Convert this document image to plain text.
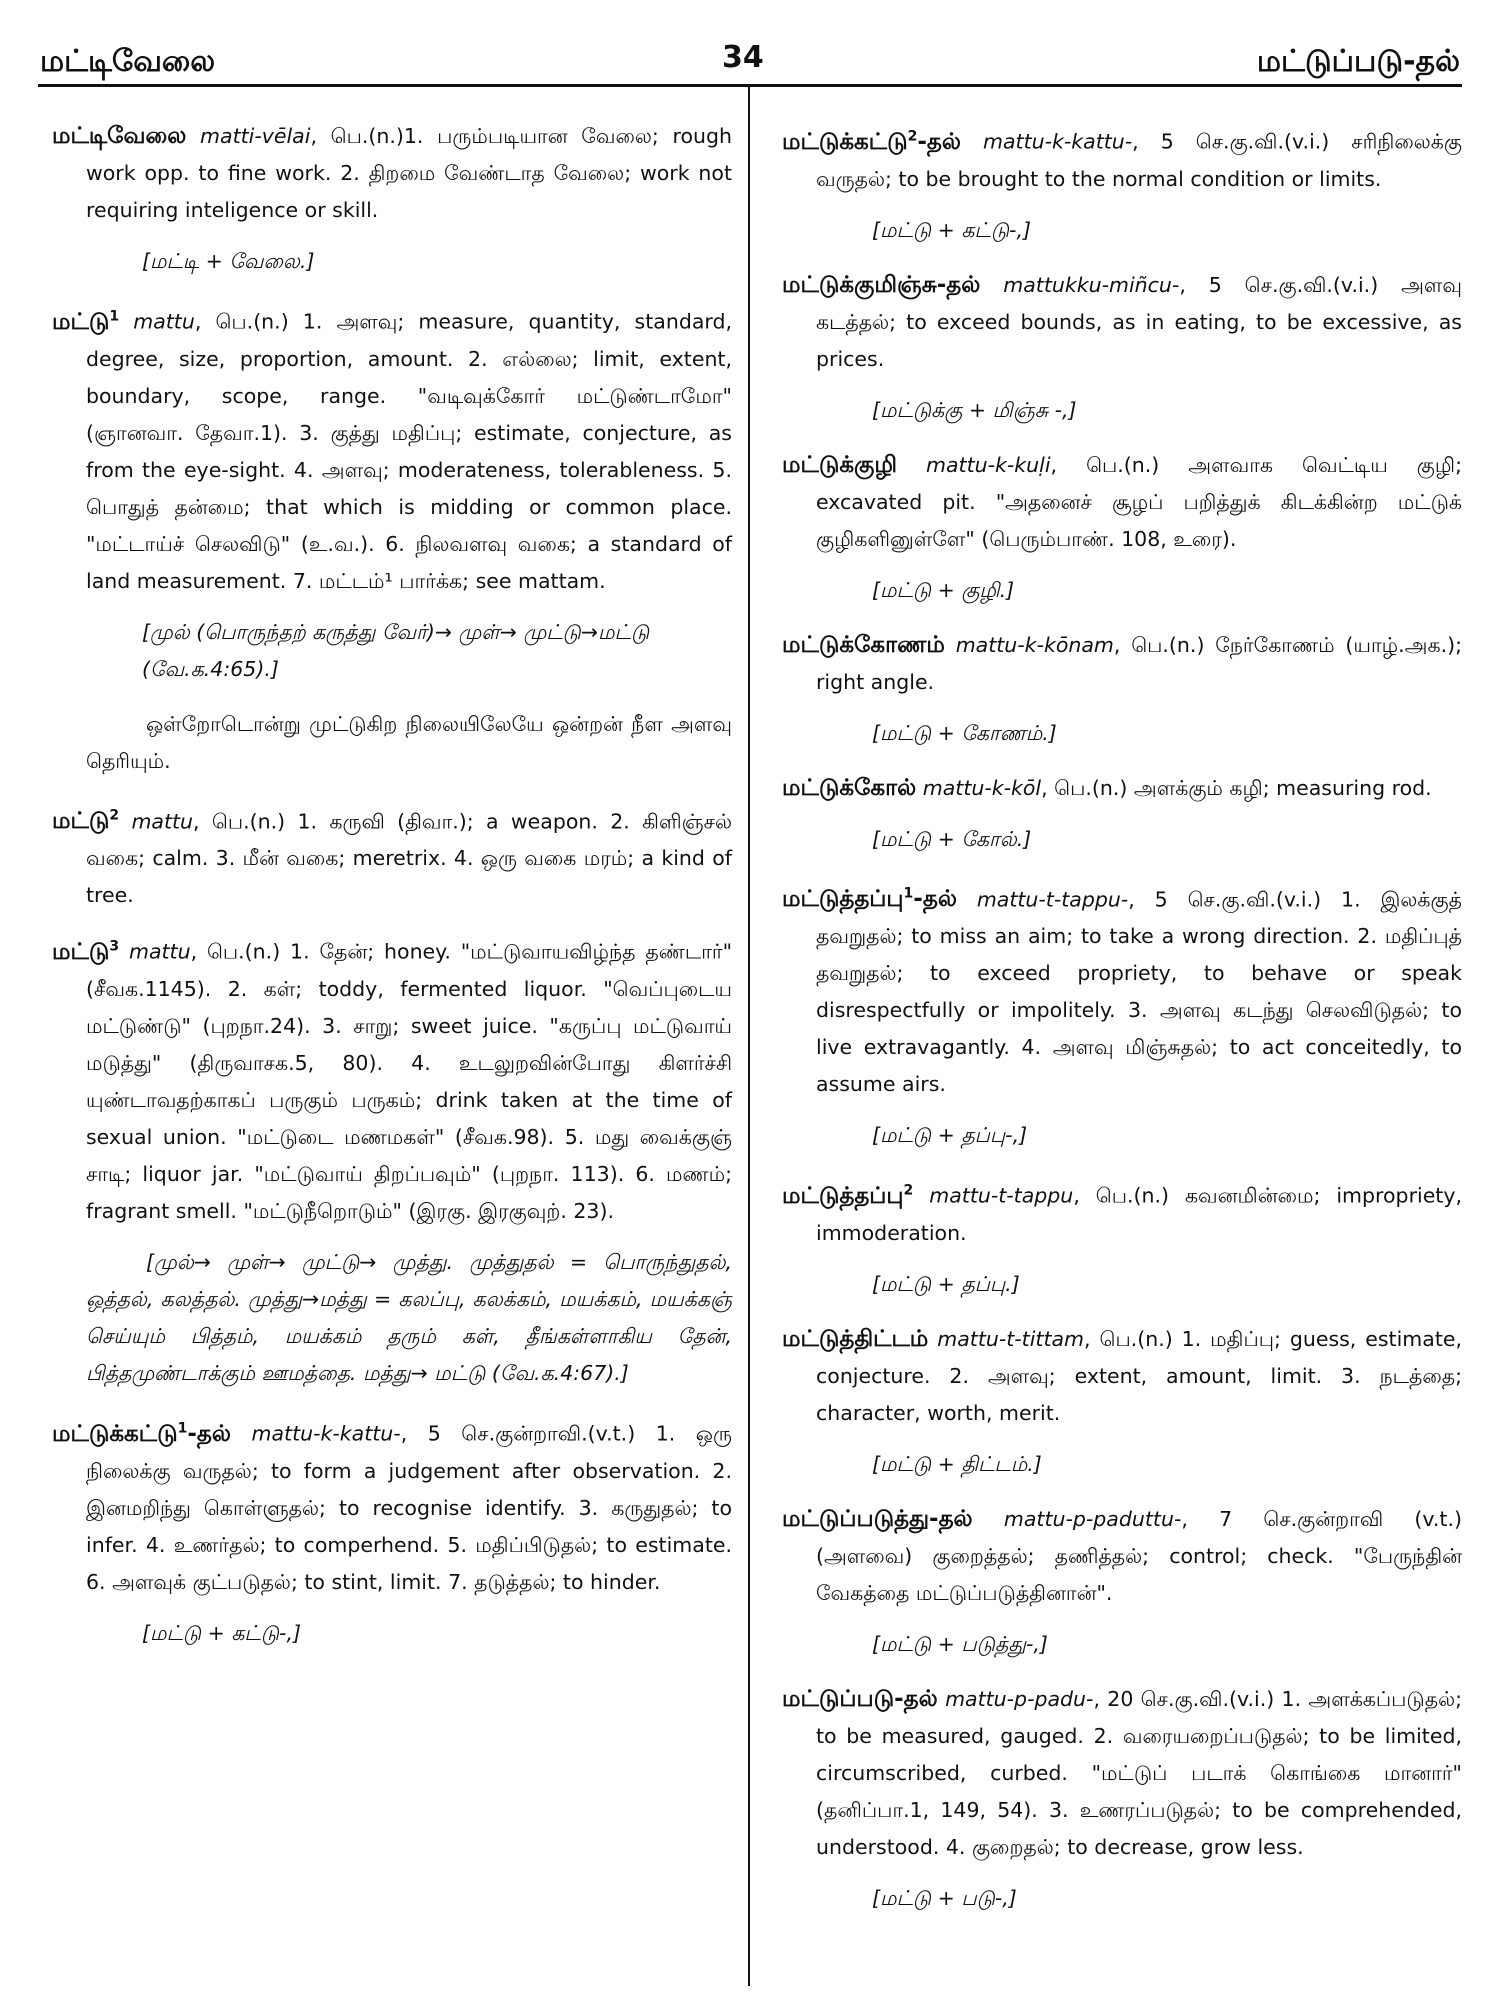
மட்டிவேலை	34	மட்டுப்படு-தல்

மட்டிவேலை matti-vēlai, பெ.(n.)1. பரும்படியான வேலை; rough work opp. to fine work. 2. திறமை வேண்டாத வேலை; work not requiring inteligence or skill.

[மட்டி + வேலை.]

மட்டு$^1$ mattu, பெ.(n.) 1. அளவு; measure, quantity, standard, degree, size, proportion, amount. 2. எல்லை; limit, extent, boundary, scope, range. "வடிவுக்கோர் மட்டுண்டாமோ" (ஞானவா. தேவா.1). 3. குத்து மதிப்பு; estimate, conjecture, as from the eye-sight. 4. அளவு; moderateness, tolerableness. 5. பொதுத் தன்மை; that which is midding or common place. "மட்டாய்ச் செலவிடு" (உ.வ.). 6. நிலவளவு வகை; a standard of land measurement. 7. மட்டம்¹ பார்க்க; see mattam.

[முல் (பொருந்தற் கருத்து வேர்)→ முள்→ முட்டு→மட்டு (வே.க.4:65).]
ஒள்றோடொன்று முட்டுகிற நிலையிலேயே ஒன்றன் நீள அளவு தெரியும்.

மட்டு$^2$ mattu, பெ.(n.) 1. கருவி (திவா.); a weapon. 2. கிளிஞ்சல் வகை; calm. 3. மீன் வகை; meretrix. 4. ஒரு வகை மரம்; a kind of tree.

மட்டு$^3$ mattu, பெ.(n.) 1. தேன்; honey. "மட்டுவாயவிழ்ந்த தண்டார்" (சீவக.1145). 2. கள்; toddy, fermented liquor. "வெப்புடைய மட்டுண்டு" (புறநா.24). 3. சாறு; sweet juice. "கருப்பு மட்டுவாய் மடுத்து" (திருவாசக.5, 80). 4. உடலுறவின்போது கிளர்ச்சி யுண்டாவதற்காகப் பருகும் பருகம்; drink taken at the time of sexual union. "மட்டுடை மணமகள்" (சீவக.98). 5. மது வைக்குஞ் சாடி; liquor jar. "மட்டுவாய் திறப்பவும்" (புறநா. 113). 6. மணம்; fragrant smell. "மட்டுநீறொடும்" (இரகு. இரகுவுற். 23).

[முல்→ முள்→ முட்டு→ முத்து. முத்துதல் = பொருந்துதல், ஒத்தல், கலத்தல். முத்து→மத்து = கலப்பு, கலக்கம், மயக்கம், மயக்கஞ் செய்யும் பித்தம், மயக்கம் தரும் கள், தீங்கள்ளாகிய தேன், பித்தமுண்டாக்கும் ஊமத்தை. மத்து→ மட்டு (வே.க.4:67).]

மட்டுக்கட்டு$^1$-தல் mattu-k-kattu-, 5 செ.குன்றாவி.(v.t.) 1. ஒரு நிலைக்கு வருதல்; to form a judgement after observation. 2. இனமறிந்து கொள்ளுதல்; to recognise identify. 3. கருதுதல்; to infer. 4. உணர்தல்; to comperhend. 5. மதிப்பிடுதல்; to estimate. 6. அளவுக் குட்படுதல்; to stint, limit. 7. தடுத்தல்; to hinder.

[மட்டு + கட்டு-,]

மட்டுக்கட்டு$^2$-தல் mattu-k-kattu-, 5 செ.கு.வி.(v.i.) சரிநிலைக்கு வருதல்; to be brought to the normal condition or limits.

[மட்டு + கட்டு-,]

மட்டுக்குமிஞ்சு-தல் mattukku-miñcu-, 5 செ.கு.வி.(v.i.) அளவு கடத்தல்; to exceed bounds, as in eating, to be excessive, as prices.

[மட்டுக்கு + மிஞ்சு -,]

மட்டுக்குழி mattu-k-kuḷi, பெ.(n.) அளவாக வெட்டிய குழி; excavated pit. "அதனைச் சூழப் பறித்துக் கிடக்கின்ற மட்டுக் குழிகளினுள்ளே" (பெரும்பாண். 108, உரை).

[மட்டு + குழி.]

மட்டுக்கோணம் mattu-k-kōnam, பெ.(n.) நேர்கோணம் (யாழ்.அக.); right angle.

[மட்டு + கோணம்.]

மட்டுக்கோல் mattu-k-kōl, பெ.(n.) அளக்கும் கழி; measuring rod.

[மட்டு + கோல்.]

மட்டுத்தப்பு$^1$-தல் mattu-t-tappu-, 5 செ.கு.வி.(v.i.) 1. இலக்குத் தவறுதல்; to miss an aim; to take a wrong direction. 2. மதிப்புத் தவறுதல்; to exceed propriety, to behave or speak disrespectfully or impolitely. 3. அளவு கடந்து செலவிடுதல்; to live extravagantly. 4. அளவு மிஞ்சுதல்; to act conceitedly, to assume airs.

[மட்டு + தப்பு-,]

மட்டுத்தப்பு$^2$ mattu-t-tappu, பெ.(n.) கவனமின்மை; impropriety, immoderation.

[மட்டு + தப்பு.]

மட்டுத்திட்டம் mattu-t-tittam, பெ.(n.) 1. மதிப்பு; guess, estimate, conjecture. 2. அளவு; extent, amount, limit. 3. நடத்தை; character, worth, merit.

[மட்டு + திட்டம்.]

மட்டுப்படுத்து-தல் mattu-p-paduttu-, 7 செ.குன்றாவி (v.t.) (அளவை) குறைத்தல்; தணித்தல்; control; check. "பேருந்தின் வேகத்தை மட்டுப்படுத்தினான்".

[மட்டு + படுத்து-,]

மட்டுப்படு-தல் mattu-p-padu-, 20 செ.கு.வி.(v.i.) 1. அளக்கப்படுதல்; to be measured, gauged. 2. வரையறைப்படுதல்; to be limited, circumscribed, curbed. "மட்டுப் படாக் கொங்கை மானார்" (தனிப்பா.1, 149, 54). 3. உணரப்படுதல்; to be comprehended, understood. 4. குறைதல்; to decrease, grow less.

[மட்டு + படு-,]
